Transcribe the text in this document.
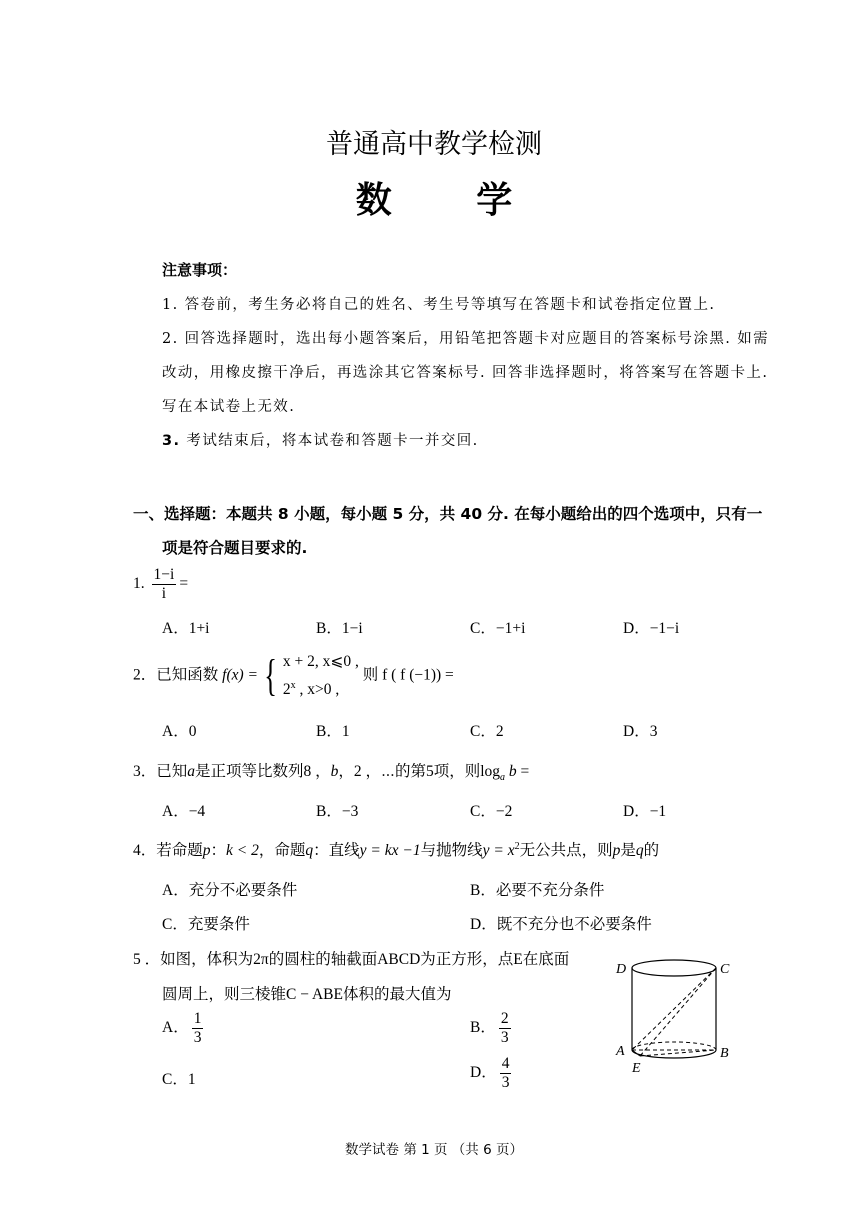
普通高中教学检测
数 学
注意事项：
1. 答卷前，考生务必将自己的姓名、考生号等填写在答题卡和试卷指定位置上.
2. 回答选择题时，选出每小题答案后，用铅笔把答题卡对应题目的答案标号涂黑. 如需
改动，用橡皮擦干净后，再选涂其它答案标号. 回答非选择题时，将答案写在答题卡上.
写在本试卷上无效.
3. 考试结束后，将本试卷和答题卡一并交回.
一、选择题：本题共 8 小题，每小题 5 分，共 40 分. 在每小题给出的四个选项中，只有一
项是符合题目要求的.
1. $\frac{1-i}{i}$ =
A．1+i	B．1−i	C．−1+i	D．−1−i
2．已知函数 f(x) = { x + 2, x⩽0 ,
2$^x$ , x>0 ,
则 f ( f (−1)) =
A．0	B．1	C．2	D．3
3．已知a是正项等比数列8 ，b，2 ，⋯的第5项，则$\log_a b$ =
A．−4	B．−3	C．−2	D．−1
4．若命题p：k < 2，命题q：直线y = kx −1与抛物线$y = x^2$无公共点，则p是q的
A．充分不必要条件	B．必要不充分条件
C．充要条件	D．既不充分也不必要条件
5 ．如图，体积为2π的圆柱的轴截面ABCD为正方形，点E在底面
圆周上，则三棱锥C − ABE体积的最大值为
A． $\frac{1}{3}$	B． $\frac{2}{3}$
C．1	D． $\frac{4}{3}$
D	C
A	B
E
数学试卷 第 1 页 （共 6 页）
